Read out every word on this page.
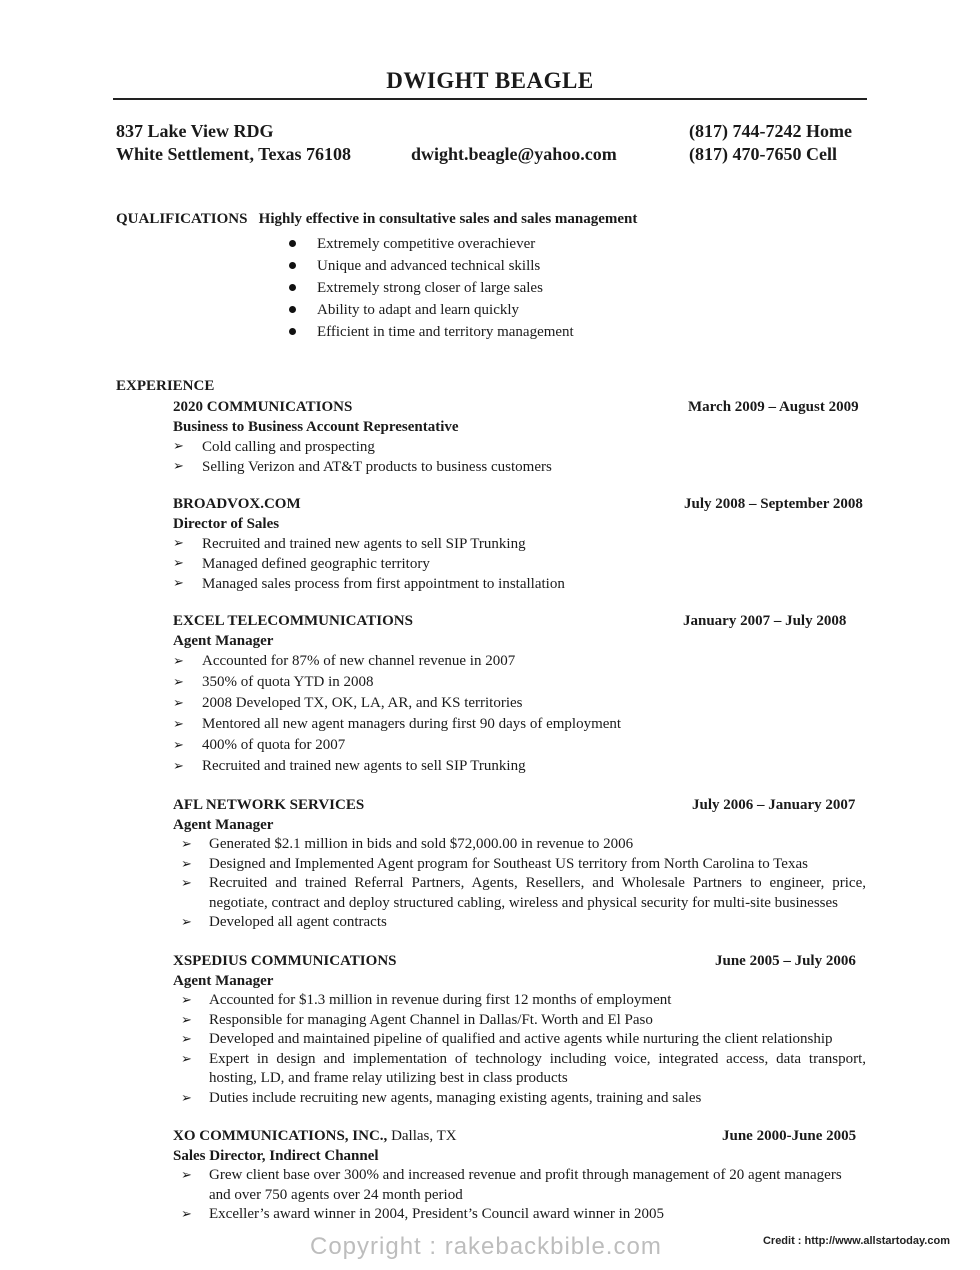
DWIGHT BEAGLE
837 Lake View RDG
White Settlement, Texas 76108	dwight.beagle@yahoo.com
(817) 744-7242 Home
(817) 470-7650 Cell
QUALIFICATIONS Highly effective in consultative sales and sales management
Extremely competitive overachiever
Unique and advanced technical skills
Extremely strong closer of large sales
Ability to adapt and learn quickly
Efficient in time and territory management
EXPERIENCE
2020 COMMUNICATIONS	March 2009 – August 2009
Business to Business Account Representative
➢	Cold calling and prospecting
➢	Selling Verizon and AT&T products to business customers
BROADVOX.COM	July 2008 – September 2008
Director of Sales
➢	Recruited and trained new agents to sell SIP Trunking
➢	Managed defined geographic territory
➢	Managed sales process from first appointment to installation
EXCEL TELECOMMUNICATIONS	January 2007 – July 2008
Agent Manager
➢	Accounted for 87% of new channel revenue in 2007
➢	350% of quota YTD in 2008
➢	2008 Developed TX, OK, LA, AR, and KS territories
➢	Mentored all new agent managers during first 90 days of employment
➢	400% of quota for 2007
➢	Recruited and trained new agents to sell SIP Trunking
AFL NETWORK SERVICES	July 2006 – January 2007
Agent Manager
➢	Generated $2.1 million in bids and sold $72,000.00 in revenue to 2006
➢	Designed and Implemented Agent program for Southeast US territory from North Carolina to Texas
➢	Recruited and trained Referral Partners, Agents, Resellers, and Wholesale Partners to engineer, price, negotiate, contract and deploy structured cabling, wireless and physical security for multi-site businesses
➢	Developed all agent contracts
XSPEDIUS COMMUNICATIONS	June 2005 – July 2006
Agent Manager
➢	Accounted for $1.3 million in revenue during first 12 months of employment
➢	Responsible for managing Agent Channel in Dallas/Ft. Worth and El Paso
➢	Developed and maintained pipeline of qualified and active agents while nurturing the client relationship
➢	Expert in design and implementation of technology including voice, integrated access, data transport, hosting, LD, and frame relay utilizing best in class products
➢	Duties include recruiting new agents, managing existing agents, training and sales
XO COMMUNICATIONS, INC., Dallas, TX	June 2000-June 2005
Sales Director, Indirect Channel
➢	Grew client base over 300% and increased revenue and profit through management of 20 agent managers and over 750 agents over 24 month period
➢	Exceller’s award winner in 2004, President’s Council award winner in 2005
Copyright : rakebackbible.com	Credit : http://www.allstartoday.com
